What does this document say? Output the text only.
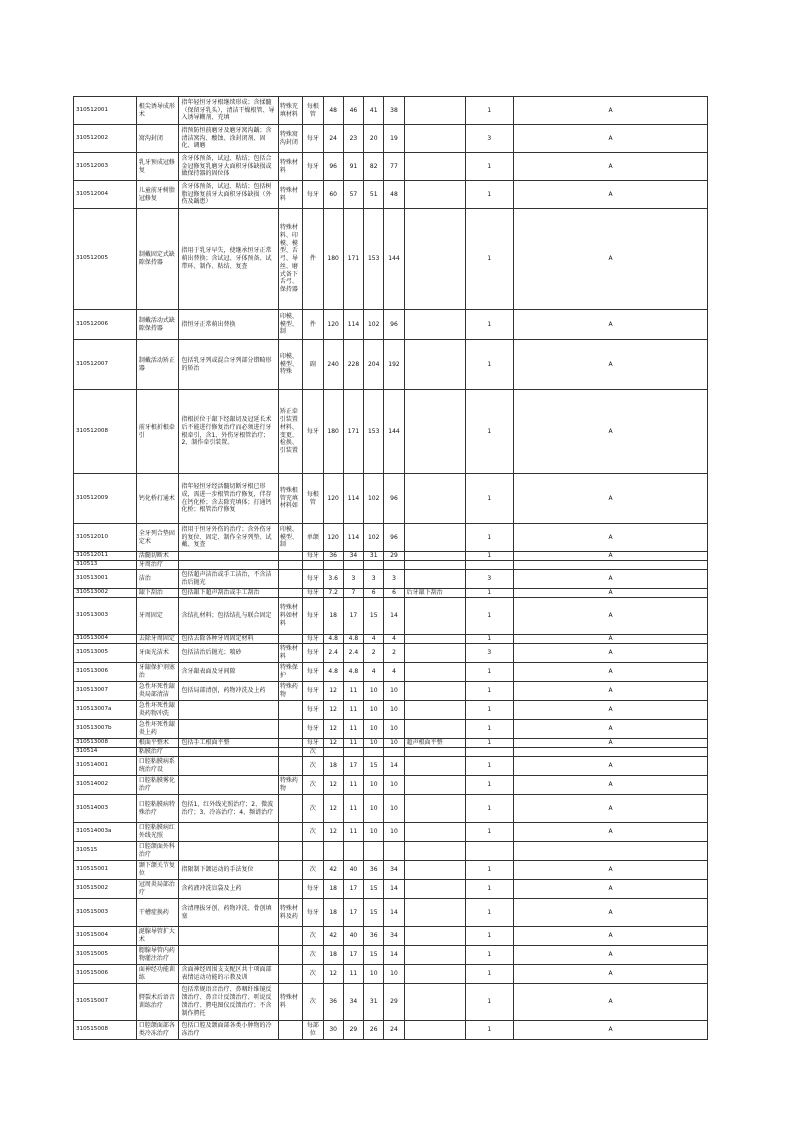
310512001	根尖诱导成形术	指年轻恒牙牙根继续形成；含揉髓（保留牙乳头），清洁干燥根管、导入诱导糊剂、充填	特殊充填材料	每根管	48	46	41	38		1	A
310512002	窝沟封闭	指预防恒前磨牙及磨牙窝沟龋；含清洁窝沟、酸蚀、涂封闭剂、固化、调磨	特殊窝沟封闭	每牙	24	23	20	19		3	A
310512003	乳牙预成冠修复	含牙体预备，试冠、粘结；包括合金冠修复乳磨牙大面积牙体缺损或做保持器的固位体	特殊材料	每牙	96	91	82	77		1	A
310512004	儿童前牙树脂冠修复	含牙体预备，试冠、粘结；包括树脂冠修复前牙大面积牙体缺损（外伤及龋患）	特殊材料	每牙	60	57	51	48		1	A
310512005	制戴固定式缺隙保持器	指用于乳牙早失，使继承恒牙正常萌出替换；含试冠、牙体预备、试带环、制作、粘结、复查	特殊材料、印模、模型、舌弓、导丝、磨式备下舌弓、保持器	件	180	171	153	144		1	A
310512006	制戴活动式缺隙保持器	指恒牙正常萌出替换	印模、模型、制	件	120	114	102	96		1	A
310512007	制戴活动矫正器	包括乳牙列或混合牙列部分错畸形的矫治	印模、模型、特殊	副	240	228	204	192		1	A
310512008	前牙根折根牵引	指根折位于龈下经龈切及冠延长术后不能进行修复治疗而必须进行牙根牵引，含1、外伤牙根管治疗；2、制作牵引装置。	矫正牵引装置材料、变更、检换、引装置	每牙	180	171	153	144		1	A
310512009	钙化桥打通术	指年轻恒牙经活髓切断牙根已形成，需进一步根管治疗修复，伴存在钙化桥；含去除充填体；打通钙化桥；根管治疗修复	特殊根管充填材料如	每根管	120	114	102	96		1	A
310512010	全牙列合垫固定术	指用于恒牙外伤的治疗；含外伤牙的复位、固定、制作全牙列垫、试戴、复查	印模、模型、制	单颌	120	114	102	96		1	A
310512011	活髓切断术			每牙	36	34	31	29		1	A
310513	牙周治疗										
310513001	洁治	包括超声洁治或手工洁治，不含洁治后抛光		每牙	3.6	3	3	3		3	A
310513002	龈下刮治	包括龈下超声刮治或手工刮治		每牙	7.2	7	6	6	后牙龈下刮治	1	A
310513003	牙周固定	含结扎材料；包括结扎与联合固定	特殊材料如材料	每牙	18	17	15	14		1	A
310513004	去除牙周固定	包括去除各种牙周固定材料		每牙	4.8	4.8	4	4		1	A
310513005	牙面光洁术	包括洁治后抛光；喷砂	特殊材料	每牙	2.4	2.4	2	2		3	A
310513006	牙龈保护剂塞治	含牙龈表面及牙间隙	特殊保护	每牙	4.8	4.8	4	4		1	A
310513007	急性坏死性龈炎局部清洁	包括局部清创，药物冲洗及上药	特殊药物	每牙	12	11	10	10		1	A
310513007a	急性坏死性龈炎药物冲洗			每牙	12	11	10	10		1	A
310513007b	急性坏死性龈炎上药			每牙	12	11	10	10		1	A
310513008	根面平整术	包括手工根面平整		每牙	12	11	10	10	超声根面平整	1	A
310514	粘膜治疗			次							
310514001	口腔粘膜病系统治疗设			次	18	17	15	14		1	A
310514002	口腔粘膜雾化治疗		特殊药物	次	12	11	10	10		1	A
310514003	口腔粘膜病特殊治疗	包括1、红外线光照治疗；2、微波治疗；3、冷冻治疗；4、频谱治疗		次	12	11	10	10		1	A
310514003a	口腔粘膜病红外线光照			次	12	11	10	10		1	A
310515	口腔颌面外科治疗										
310515001	颞下颌关节复位	指限制下颌运动的手法复位		次	42	40	36	34		1	A
310515002	冠周炎局部治疗	含药液冲洗盲袋及上药		每牙	18	17	15	14		1	A
310515003	干槽症换药	含清理拔牙创、药物冲洗、骨创填塞	特殊材料及药	每牙	18	17	15	14		1	A
310515004	涎腺导管扩大术			次	42	40	36	34		1	A
310515005	腮腺导管内药物灌注治疗			次	18	17	15	14		1	A
310515006	面神经功能训练	含面神经周围支支配区共十项面部表情运动功能的示教及训		次	12	11	10	10		1	A
310515007	腭裂术后语音训练治疗	包括常规语音治疗、鼻咽纤维镜反馈治疗、鼻音计反馈治疗、听说反馈治疗、腭电图仪反馈治疗；不含制作腭托	特殊材料	次	36	34	31	29		1	A
310515008	口腔颌面部各类冷冻治疗	包括口腔及颌面部各类小肿物的冷冻治疗		每部位	30	29	26	24		1	A
